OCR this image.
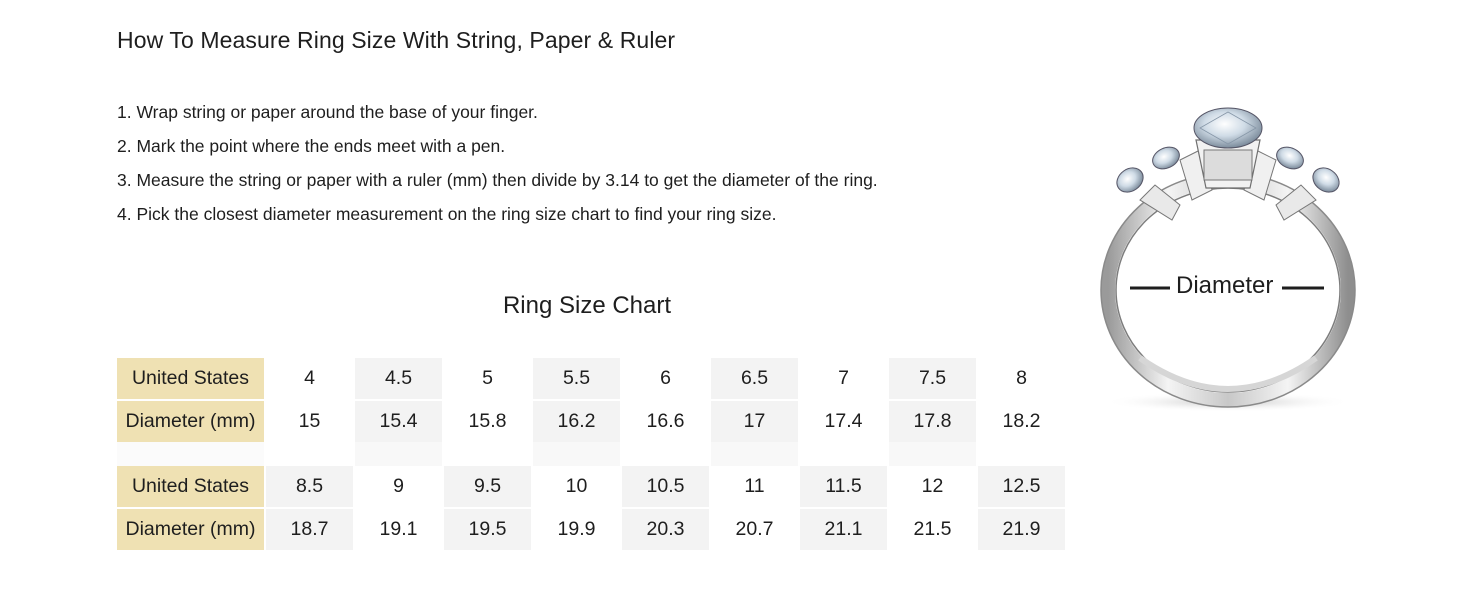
How To Measure Ring Size With String, Paper & Ruler
1. Wrap string or paper around the base of your finger.
2. Mark the point where the ends meet with a pen.
3. Measure the string or paper with a ruler (mm) then divide by 3.14 to get the diameter of the ring.
4. Pick the closest diameter measurement on the ring size chart to find your ring size.
Ring Size Chart
United States	4	4.5	5	5.5	6	6.5	7	7.5	8
Diameter (mm)	15	15.4	15.8	16.2	16.6	17	17.4	17.8	18.2

United States	8.5	9	9.5	10	10.5	11	11.5	12	12.5
Diameter (mm)	18.7	19.1	19.5	19.9	20.3	20.7	21.1	21.5	21.9
Diameter
